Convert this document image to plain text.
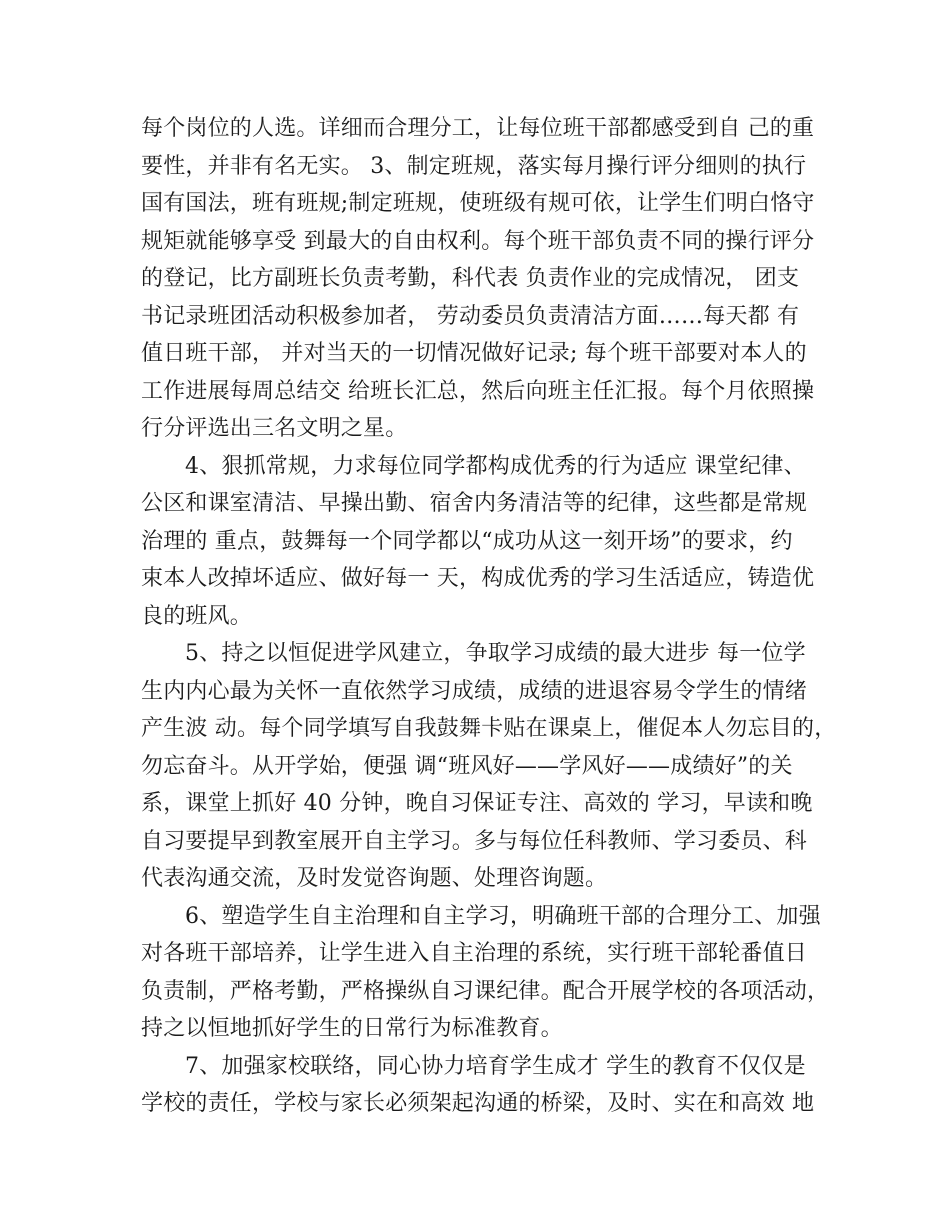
每个岗位的人选。详细而合理分工，让每位班干部都感受到自 己的重
要性，并非有名无实。 3、制定班规，落实每月操行评分细则的执行
国有国法，班有班规;制定班规，使班级有规可依，让学生们明白恪守
规矩就能够享受 到最大的自由权利。每个班干部负责不同的操行评分
的登记，比方副班长负责考勤，科代表 负责作业的完成情况， 团支
书记录班团活动积极参加者， 劳动委员负责清洁方面……每天都 有
值日班干部， 并对当天的一切情况做好记录; 每个班干部要对本人的
工作进展每周总结交 给班长汇总，然后向班主任汇报。每个月依照操
行分评选出三名文明之星。
4、狠抓常规，力求每位同学都构成优秀的行为适应 课堂纪律、
公区和课室清洁、早操出勤、宿舍内务清洁等的纪律，这些都是常规
治理的 重点，鼓舞每一个同学都以“成功从这一刻开场”的要求，约
束本人改掉坏适应、做好每一 天，构成优秀的学习生活适应，铸造优
良的班风。
5、持之以恒促进学风建立，争取学习成绩的最大进步 每一位学
生内内心最为关怀一直依然学习成绩，成绩的进退容易令学生的情绪
产生波 动。每个同学填写自我鼓舞卡贴在课桌上，催促本人勿忘目的，
勿忘奋斗。从开学始，便强 调“班风好——学风好——成绩好”的关
系，课堂上抓好 40 分钟，晚自习保证专注、高效的 学习，早读和晚
自习要提早到教室展开自主学习。多与每位任科教师、学习委员、科
代表沟通交流，及时发觉咨询题、处理咨询题。
6、塑造学生自主治理和自主学习，明确班干部的合理分工、加强
对各班干部培养，让学生进入自主治理的系统，实行班干部轮番值日
负责制，严格考勤，严格操纵自习课纪律。配合开展学校的各项活动，
持之以恒地抓好学生的日常行为标准教育。
7、加强家校联络，同心协力培育学生成才 学生的教育不仅仅是
学校的责任，学校与家长必须架起沟通的桥梁，及时、实在和高效 地
